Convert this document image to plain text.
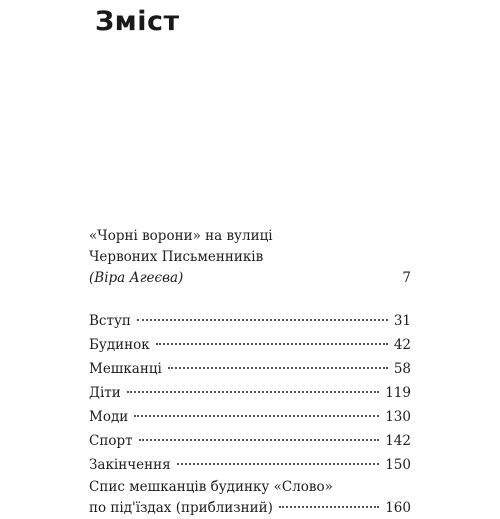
Зміст
«Чорні ворони» на вулиці
Червоних Письменників
(Віра Агеєва)	7
Вступ	31
Будинок	42
Мешканці	58
Діти	119
Моди	130
Спорт	142
Закінчення	150
Спис мешканців будинку «Слово»
по під'їздах (приблизний)	160
